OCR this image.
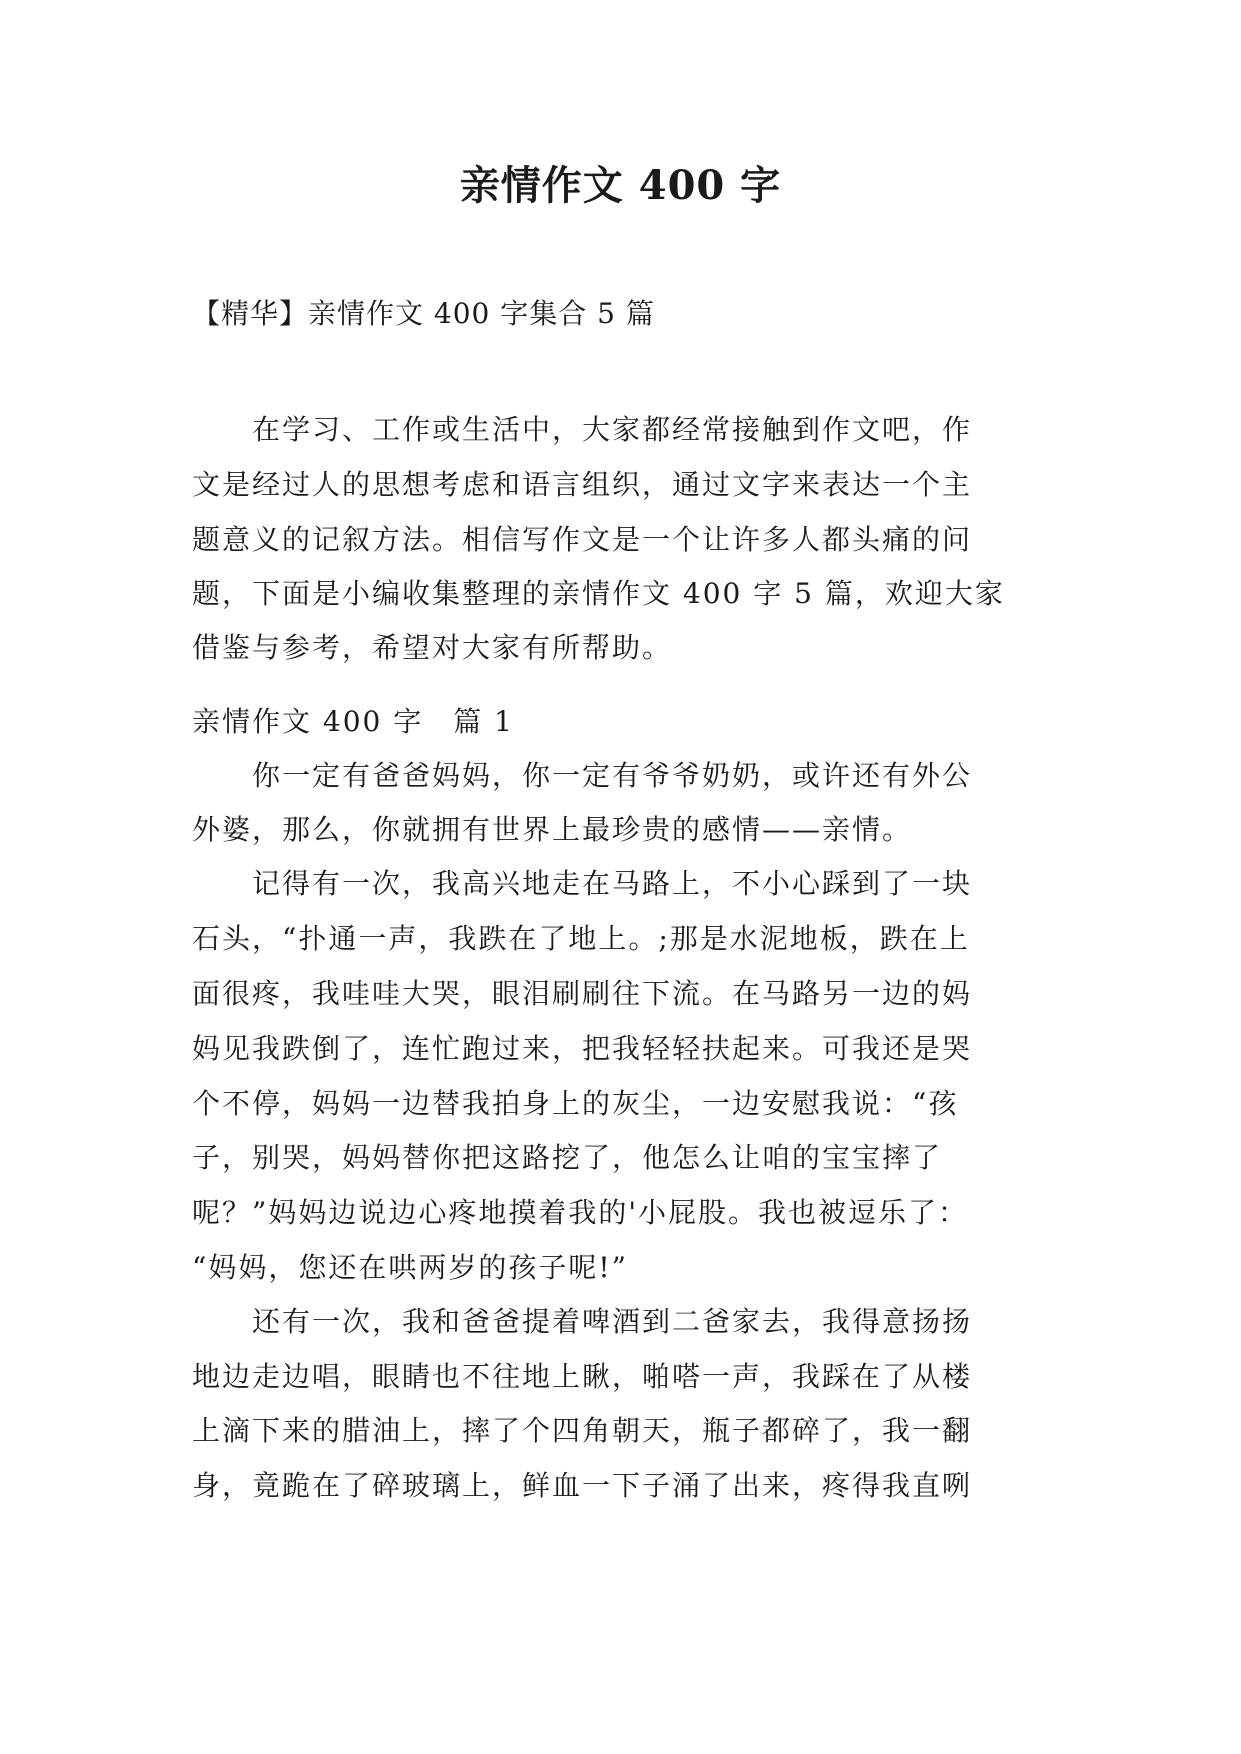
亲情作文 400 字
【精华】亲情作文 400 字集合 5 篇
　　在学习、工作或生活中，大家都经常接触到作文吧，作
文是经过人的思想考虑和语言组织，通过文字来表达一个主
题意义的记叙方法。相信写作文是一个让许多人都头痛的问
题，下面是小编收集整理的亲情作文 400 字 5 篇，欢迎大家
借鉴与参考，希望对大家有所帮助。
亲情作文 400 字　篇 1
　　你一定有爸爸妈妈，你一定有爷爷奶奶，或许还有外公
外婆，那么，你就拥有世界上最珍贵的感情——亲情。
　　记得有一次，我高兴地走在马路上，不小心踩到了一块
石头，“扑通一声，我跌在了地上。;那是水泥地板，跌在上
面很疼，我哇哇大哭，眼泪刷刷往下流。在马路另一边的妈
妈见我跌倒了，连忙跑过来，把我轻轻扶起来。可我还是哭
个不停，妈妈一边替我拍身上的灰尘，一边安慰我说：“孩
子，别哭，妈妈替你把这路挖了，他怎么让咱的宝宝摔了
呢？”妈妈边说边心疼地摸着我的'小屁股。我也被逗乐了：
“妈妈，您还在哄两岁的孩子呢!”
　　还有一次，我和爸爸提着啤酒到二爸家去，我得意扬扬
地边走边唱，眼睛也不往地上瞅，啪嗒一声，我踩在了从楼
上滴下来的腊油上，摔了个四角朝天，瓶子都碎了，我一翻
身，竟跪在了碎玻璃上，鲜血一下子涌了出来，疼得我直咧
